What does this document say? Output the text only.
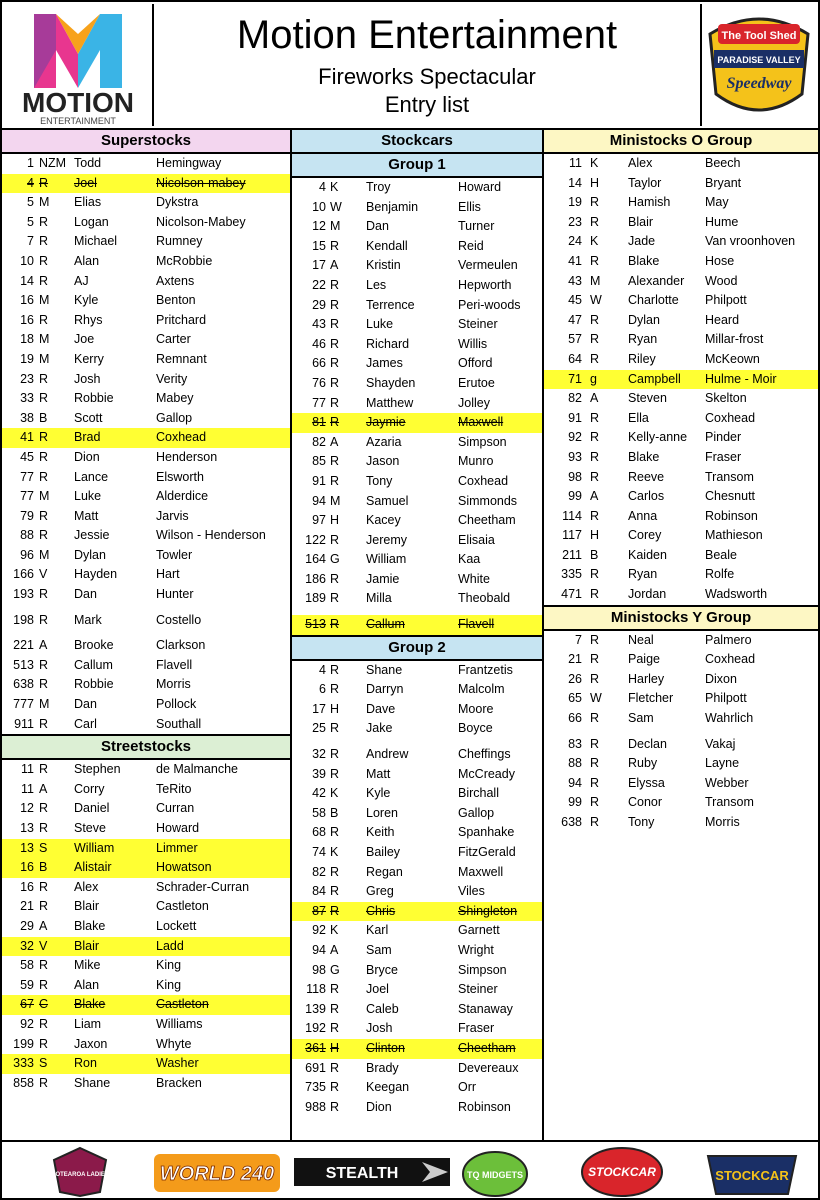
MOTION
ENTERTAINMENT
Motion Entertainment
Fireworks Spectacular
Entry list
The Tool Shed
PARADISE VALLEY
Speedway
Superstocks
1 NZM Todd	Hemingway
4 R Joel	Nicolson-mabey
5 M Elias	Dykstra
5 R Logan	Nicolson-Mabey
7 R Michael	Rumney
10 R Alan	McRobbie
14 R AJ	Axtens
16 M Kyle	Benton
16 R Rhys	Pritchard
18 M Joe	Carter
19 M Kerry	Remnant
23 R Josh	Verity
33 R Robbie	Mabey
38 B Scott	Gallop
41 R Brad	Coxhead
45 R Dion	Henderson
77 R Lance	Elsworth
77 M Luke	Alderdice
79 R Matt	Jarvis
88 R Jessie	Wilson - Henderson
96 M Dylan	Towler
166 V Hayden	Hart
193 R Dan	Hunter
198 R Mark	Costello
221 A Brooke	Clarkson
513 R Callum	Flavell
638 R Robbie	Morris
777 M Dan	Pollock
911 R Carl	Southall
Streetstocks
11 R Stephen	de Malmanche
11 A Corry	TeRito
12 R Daniel	Curran
13 R Steve	Howard
13 S William	Limmer
16 B Alistair	Howatson
16 R Alex	Schrader-Curran
21 R Blair	Castleton
29 A Blake	Lockett
32 V Blair	Ladd
58 R Mike	King
59 R Alan	King
67 C Blake	Castleton
92 R Liam	Williams
199 R Jaxon	Whyte
333 S Ron	Washer
858 R Shane	Bracken
Stockcars
Group 1
4 K Troy	Howard
10 W Benjamin	Ellis
12 M Dan	Turner
15 R Kendall	Reid
17 A Kristin	Vermeulen
22 R Les	Hepworth
29 R Terrence	Peri-woods
43 R Luke	Steiner
46 R Richard	Willis
66 R James	Offord
76 R Shayden	Erutoe
77 R Matthew	Jolley
81 R Jaymie	Maxwell
82 A Azaria	Simpson
85 R Jason	Munro
91 R Tony	Coxhead
94 M Samuel	Simmonds
97 H Kacey	Cheetham
122 R Jeremy	Elisaia
164 G William	Kaa
186 R Jamie	White
189 R Milla	Theobald
513 R Callum	Flavell
Group 2
4 R Shane	Frantzetis
6 R Darryn	Malcolm
17 H Dave	Moore
25 R Jake	Boyce
32 R Andrew	Cheffings
39 R Matt	McCready
42 K Kyle	Birchall
58 B Loren	Gallop
68 R Keith	Spanhake
74 K Bailey	FitzGerald
82 R Regan	Maxwell
84 R Greg	Viles
87 R Chris	Shingleton
92 K Karl	Garnett
94 A Sam	Wright
98 G Bryce	Simpson
118 R Joel	Steiner
139 R Caleb	Stanaway
192 R Josh	Fraser
361 H Clinton	Cheetham
691 R Brady	Devereaux
735 R Keegan	Orr
988 R Dion	Robinson
Ministocks O Group
11 K Alex	Beech
14 H Taylor	Bryant
19 R Hamish	May
23 R Blair	Hume
24 K Jade	Van vroonhoven
41 R Blake	Hose
43 M Alexander Wood
45 W Charlotte Philpott
47 R Dylan	Heard
57 R Ryan	Millar-frost
64 R Riley	McKeown
71 g Campbell Hulme - Moir
82 A Steven	Skelton
91 R Ella	Coxhead
92 R Kelly-anne Pinder
93 R Blake	Fraser
98 R Reeve	Transom
99 A Carlos	Chesnutt
114 R Anna	Robinson
117 H Corey	Mathieson
211 B Kaiden	Beale
335 R Ryan	Rolfe
471 R Jordan	Wadsworth
Ministocks Y Group
7 R Neal	Palmero
21 R Paige	Coxhead
26 R Harley	Dixon
65 W Fletcher	Philpott
66 R Sam	Wahrlich
83 R Declan	Vakaj
88 R Ruby	Layne
94 R Elyssa	Webber
99 R Conor	Transom
638 R Tony	Morris
AOTEAROA LADIES	WORLD 240	STEALTH	TQ MIDGETS	STOCKCAR	STOCKCAR
